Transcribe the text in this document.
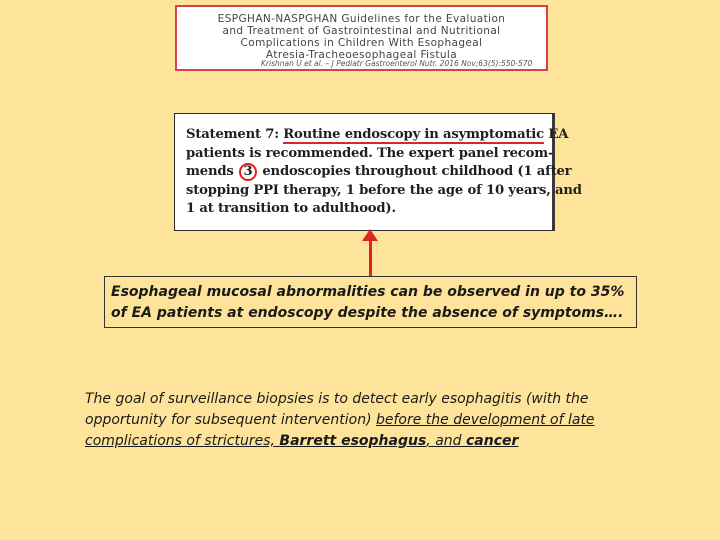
ESPGHAN-NASPGHAN Guidelines for the Evaluation
and Treatment of Gastrointestinal and Nutritional
Complications in Children With Esophageal
Atresia-Tracheoesophageal Fistula
Krishnan U et al. – J Pediatr Gastroenterol Nutr. 2016 Nov;63(5):550-570
Statement 7: Routine endoscopy in asymptomatic EA
patients is recommended. The expert panel recom-
mends 3 endoscopies throughout childhood (1 after
stopping PPI therapy, 1 before the age of 10 years, and
1 at transition to adulthood).
Esophageal mucosal abnormalities can be observed in up to 35% of EA patients at endoscopy despite the absence of symptoms….
The goal of surveillance biopsies is to detect early esophagitis (with the
opportunity for subsequent intervention) before the development of late
complications of strictures, Barrett esophagus, and cancer
